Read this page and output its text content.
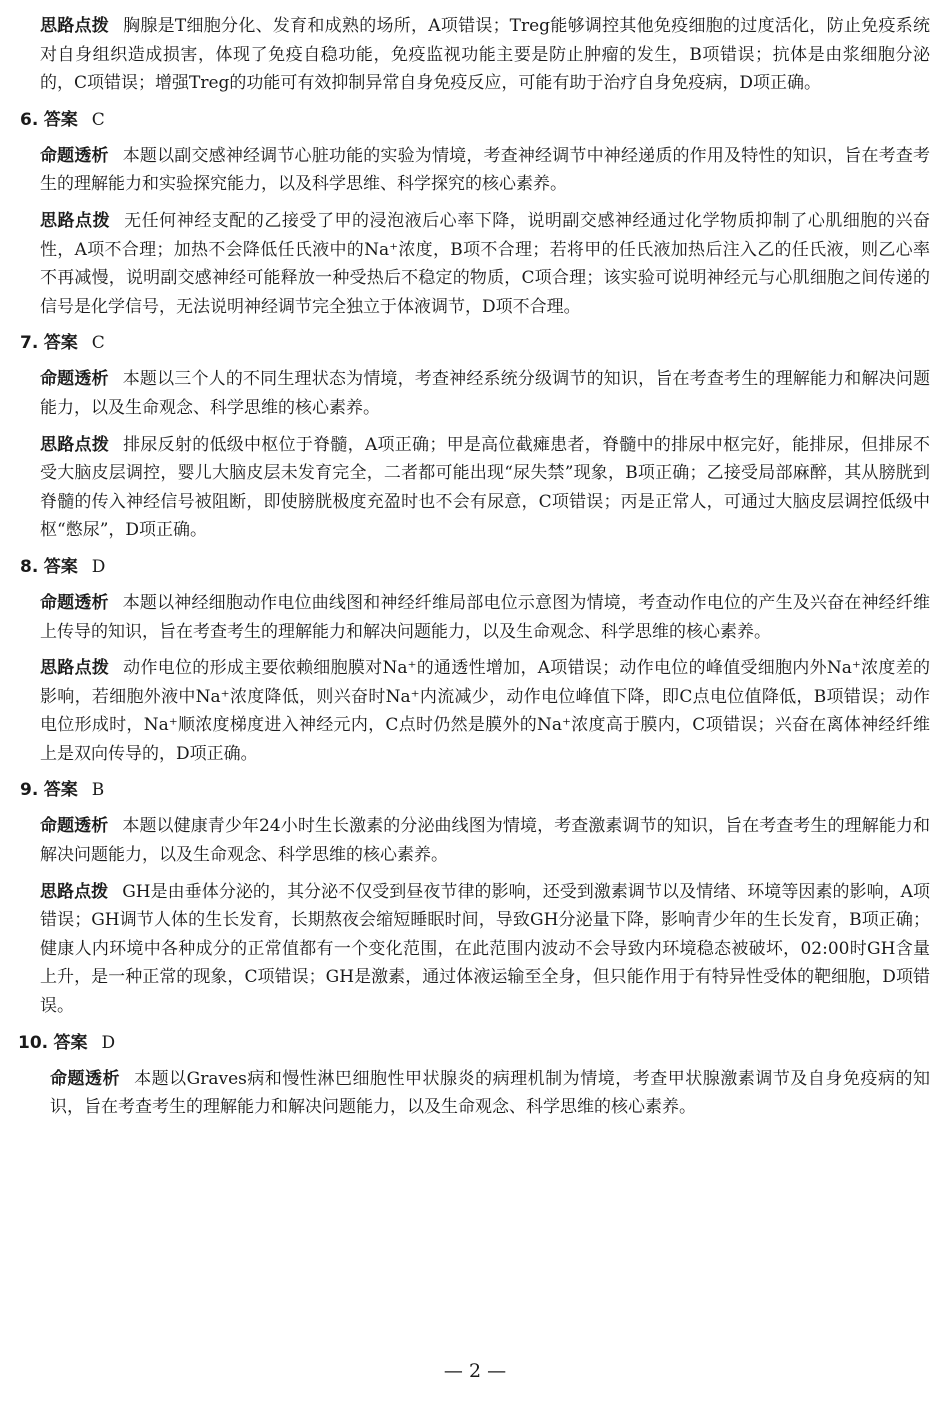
思路点拨 胸腺是T细胞分化、发育和成熟的场所，A项错误；Treg能够调控其他免疫细胞的过度活化，防止免疫系统对自身组织造成损害，体现了免疫自稳功能，免疫监视功能主要是防止肿瘤的发生，B项错误；抗体是由浆细胞分泌的，C项错误；增强Treg的功能可有效抑制异常自身免疫反应，可能有助于治疗自身免疫病，D项正确。

6. 答案 C

命题透析 本题以副交感神经调节心脏功能的实验为情境，考查神经调节中神经递质的作用及特性的知识，旨在考查考生的理解能力和实验探究能力，以及科学思维、科学探究的核心素养。

思路点拨 无任何神经支配的乙接受了甲的浸泡液后心率下降，说明副交感神经通过化学物质抑制了心肌细胞的兴奋性，A项不合理；加热不会降低任氏液中的Na⁺浓度，B项不合理；若将甲的任氏液加热后注入乙的任氏液，则乙心率不再减慢，说明副交感神经可能释放一种受热后不稳定的物质，C项合理；该实验可说明神经元与心肌细胞之间传递的信号是化学信号，无法说明神经调节完全独立于体液调节，D项不合理。

7. 答案 C

命题透析 本题以三个人的不同生理状态为情境，考查神经系统分级调节的知识，旨在考查考生的理解能力和解决问题能力，以及生命观念、科学思维的核心素养。

思路点拨 排尿反射的低级中枢位于脊髓，A项正确；甲是高位截瘫患者，脊髓中的排尿中枢完好，能排尿，但排尿不受大脑皮层调控，婴儿大脑皮层未发育完全，二者都可能出现“尿失禁”现象，B项正确；乙接受局部麻醉，其从膀胱到脊髓的传入神经信号被阻断，即使膀胱极度充盈时也不会有尿意，C项错误；丙是正常人，可通过大脑皮层调控低级中枢“憋尿”，D项正确。

8. 答案 D

命题透析 本题以神经细胞动作电位曲线图和神经纤维局部电位示意图为情境，考查动作电位的产生及兴奋在神经纤维上传导的知识，旨在考查考生的理解能力和解决问题能力，以及生命观念、科学思维的核心素养。

思路点拨 动作电位的形成主要依赖细胞膜对Na⁺的通透性增加，A项错误；动作电位的峰值受细胞内外Na⁺浓度差的影响，若细胞外液中Na⁺浓度降低，则兴奋时Na⁺内流减少，动作电位峰值下降，即C点电位值降低，B项错误；动作电位形成时，Na⁺顺浓度梯度进入神经元内，C点时仍然是膜外的Na⁺浓度高于膜内，C项错误；兴奋在离体神经纤维上是双向传导的，D项正确。

9. 答案 B

命题透析 本题以健康青少年24小时生长激素的分泌曲线图为情境，考查激素调节的知识，旨在考查考生的理解能力和解决问题能力，以及生命观念、科学思维的核心素养。

思路点拨 GH是由垂体分泌的，其分泌不仅受到昼夜节律的影响，还受到激素调节以及情绪、环境等因素的影响，A项错误；GH调节人体的生长发育，长期熬夜会缩短睡眠时间，导致GH分泌量下降，影响青少年的生长发育，B项正确；健康人内环境中各种成分的正常值都有一个变化范围，在此范围内波动不会导致内环境稳态被破坏，02:00时GH含量上升，是一种正常的现象，C项错误；GH是激素，通过体液运输至全身，但只能作用于有特异性受体的靶细胞，D项错误。

10. 答案 D

命题透析 本题以Graves病和慢性淋巴细胞性甲状腺炎的病理机制为情境，考查甲状腺激素调节及自身免疫病的知识，旨在考查考生的理解能力和解决问题能力，以及生命观念、科学思维的核心素养。

— 2 —
